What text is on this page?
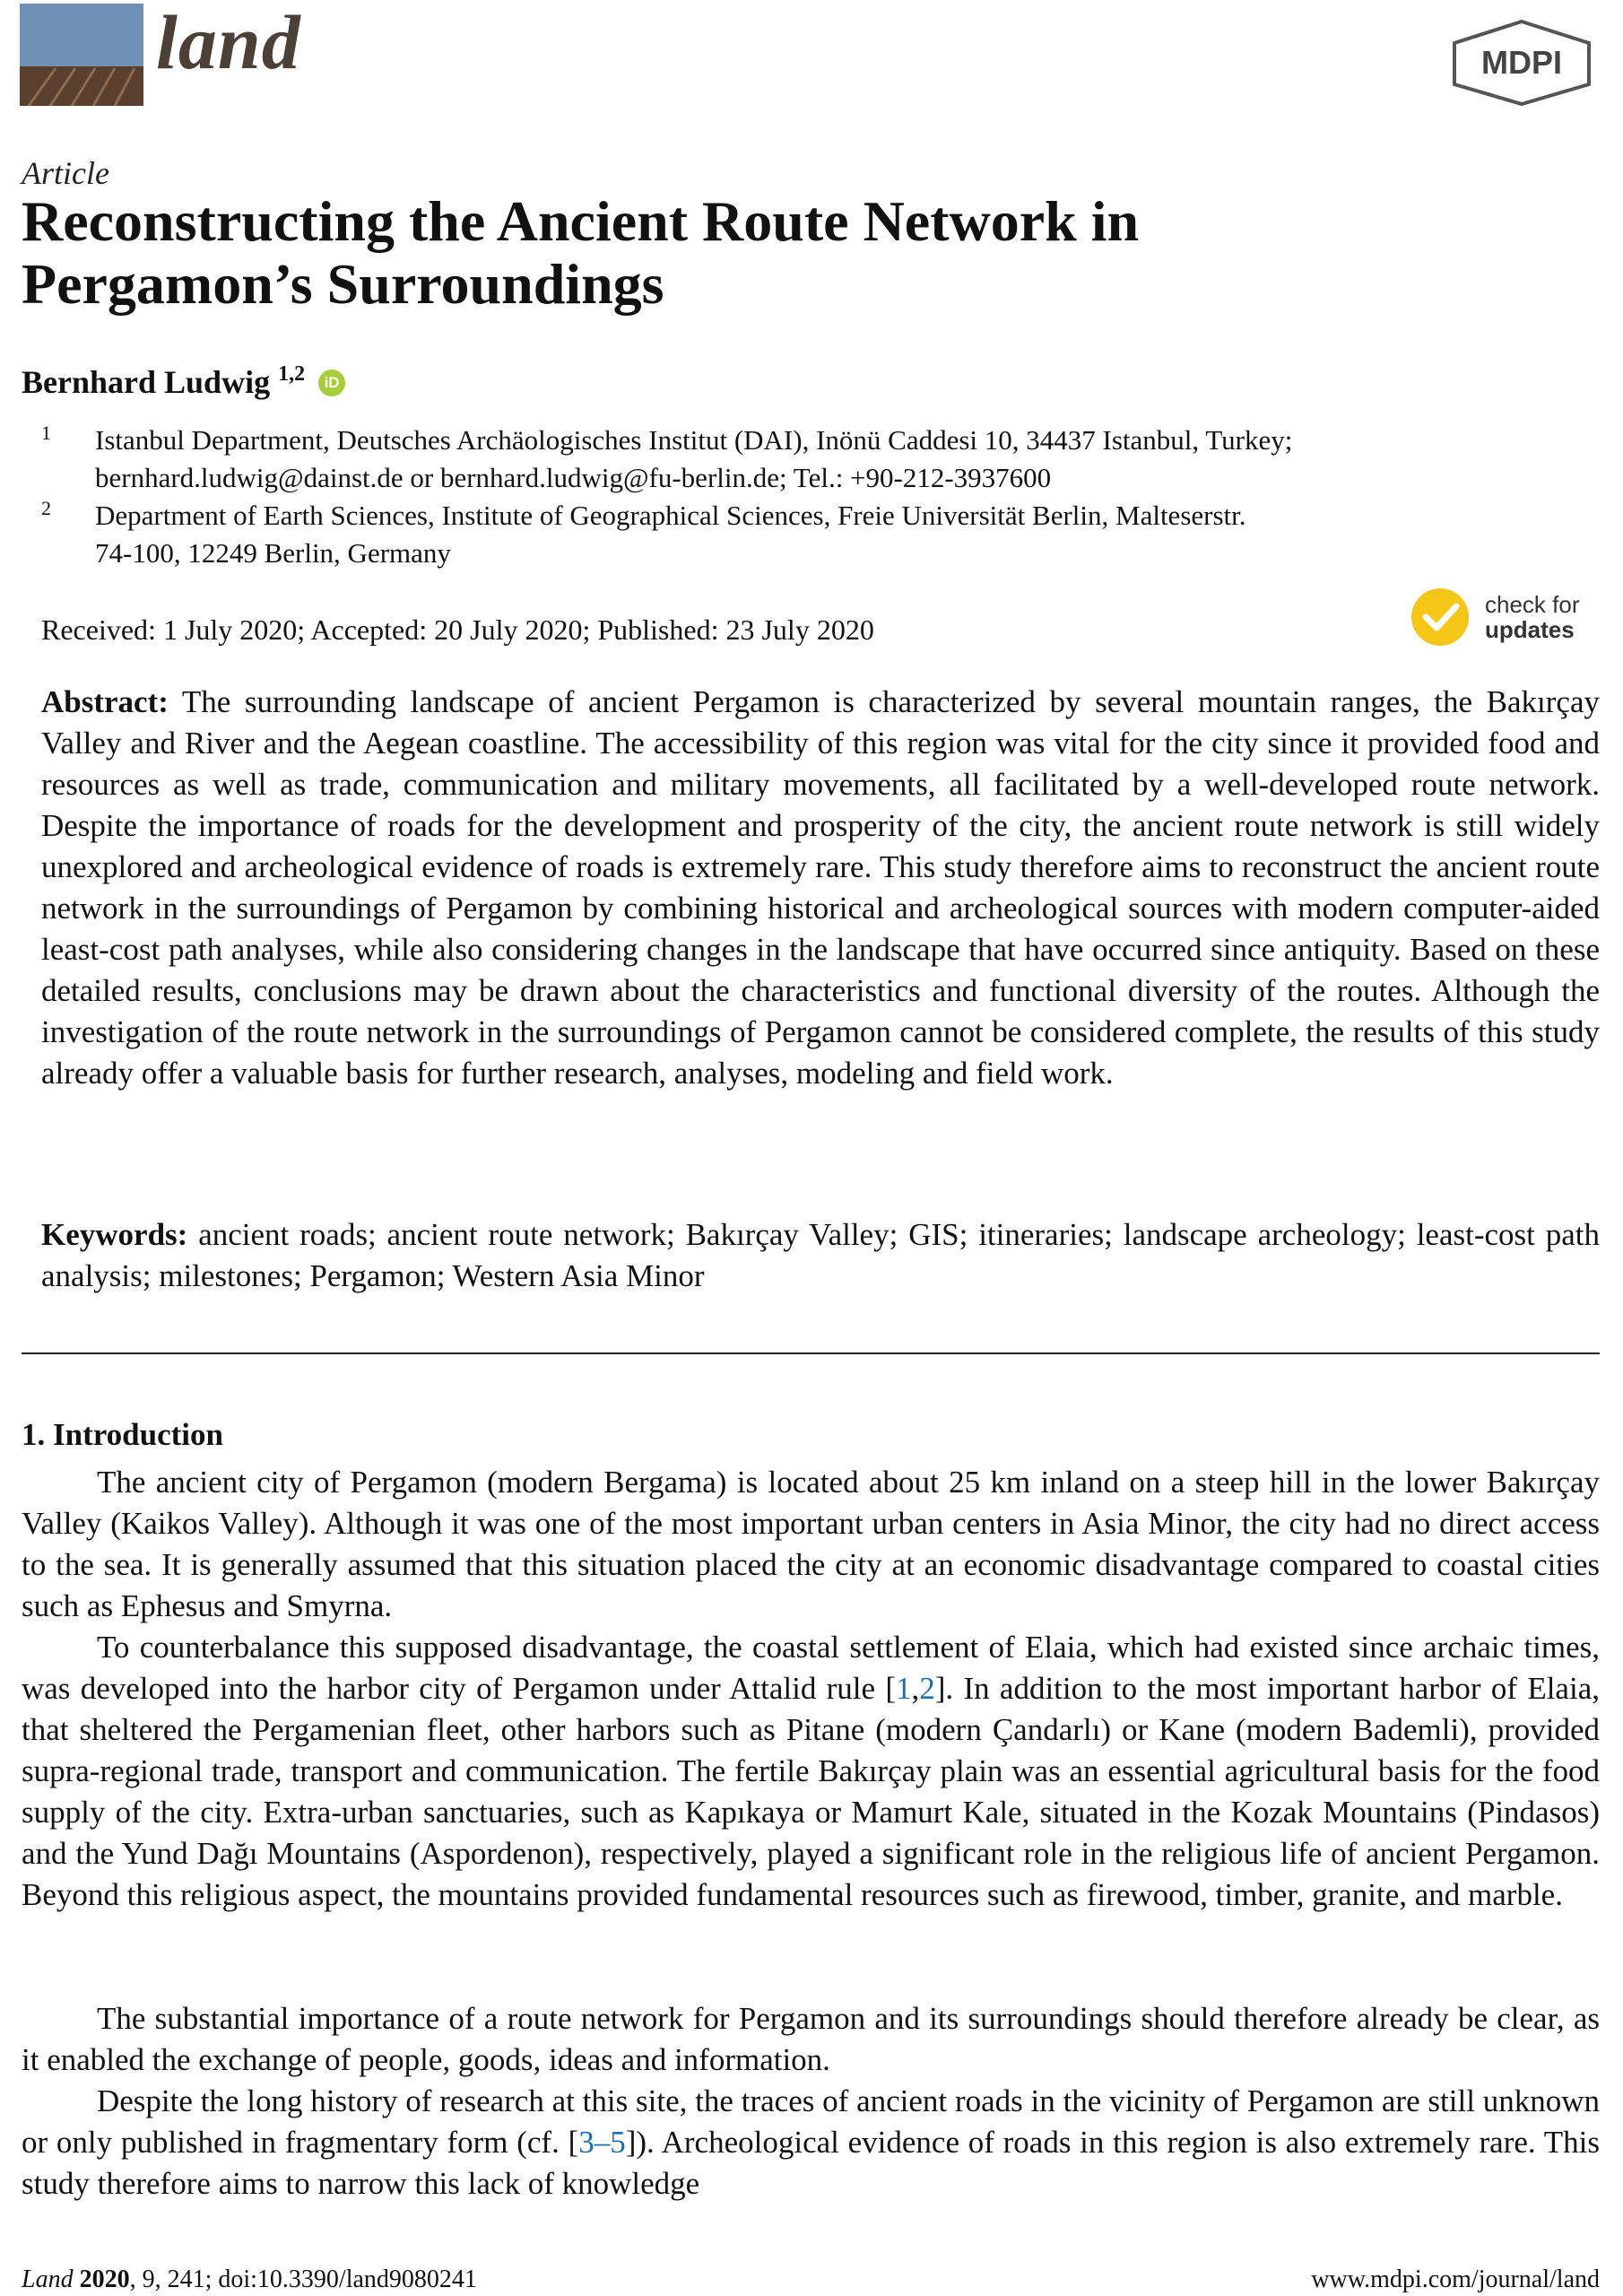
land	MDPI
Article
Reconstructing the Ancient Route Network in
Pergamon’s Surroundings
Bernhard Ludwig $^{1,2}$ iD
1 Istanbul Department, Deutsches Archäologisches Institut (DAI), Inönü Caddesi 10, 34437 Istanbul, Turkey;
bernhard.ludwig@dainst.de or bernhard.ludwig@fu-berlin.de; Tel.: +90-212-3937600
2 Department of Earth Sciences, Institute of Geographical Sciences, Freie Universität Berlin, Malteserstr.
74-100, 12249 Berlin, Germany
Received: 1 July 2020; Accepted: 20 July 2020; Published: 23 July 2020
check for
updates

Abstract: The surrounding landscape of ancient Pergamon is characterized by several mountain ranges, the Bakırçay Valley and River and the Aegean coastline. The accessibility of this region was vital for the city since it provided food and resources as well as trade, communication and military movements, all facilitated by a well-developed route network. Despite the importance of roads for the development and prosperity of the city, the ancient route network is still widely unexplored and archeological evidence of roads is extremely rare. This study therefore aims to reconstruct the ancient route network in the surroundings of Pergamon by combining historical and archeological sources with modern computer-aided least-cost path analyses, while also considering changes in the landscape that have occurred since antiquity. Based on these detailed results, conclusions may be drawn about the characteristics and functional diversity of the routes. Although the investigation of the route network in the surroundings of Pergamon cannot be considered complete, the results of this study already offer a valuable basis for further research, analyses, modeling and field work.

Keywords: ancient roads; ancient route network; Bakırçay Valley; GIS; itineraries; landscape archeology; least-cost path analysis; milestones; Pergamon; Western Asia Minor

1. Introduction

The ancient city of Pergamon (modern Bergama) is located about 25 km inland on a steep hill in the lower Bakırçay Valley (Kaikos Valley). Although it was one of the most important urban centers in Asia Minor, the city had no direct access to the sea. It is generally assumed that this situation placed the city at an economic disadvantage compared to coastal cities such as Ephesus and Smyrna.

To counterbalance this supposed disadvantage, the coastal settlement of Elaia, which had existed since archaic times, was developed into the harbor city of Pergamon under Attalid rule [1,2]. In addition to the most important harbor of Elaia, that sheltered the Pergamenian fleet, other harbors such as Pitane (modern Çandarlı) or Kane (modern Bademli), provided supra-regional trade, transport and communication. The fertile Bakırçay plain was an essential agricultural basis for the food supply of the city. Extra-urban sanctuaries, such as Kapıkaya or Mamurt Kale, situated in the Kozak Mountains (Pindasos) and the Yund Dağı Mountains (Aspordenon), respectively, played a significant role in the religious life of ancient Pergamon. Beyond this religious aspect, the mountains provided fundamental resources such as firewood, timber, granite, and marble.

The substantial importance of a route network for Pergamon and its surroundings should therefore already be clear, as it enabled the exchange of people, goods, ideas and information.

Despite the long history of research at this site, the traces of ancient roads in the vicinity of Pergamon are still unknown or only published in fragmentary form (cf. [3–5]). Archeological evidence of roads in this region is also extremely rare. This study therefore aims to narrow this lack of knowledge

Land 2020, 9, 241; doi:10.3390/land9080241	www.mdpi.com/journal/land
